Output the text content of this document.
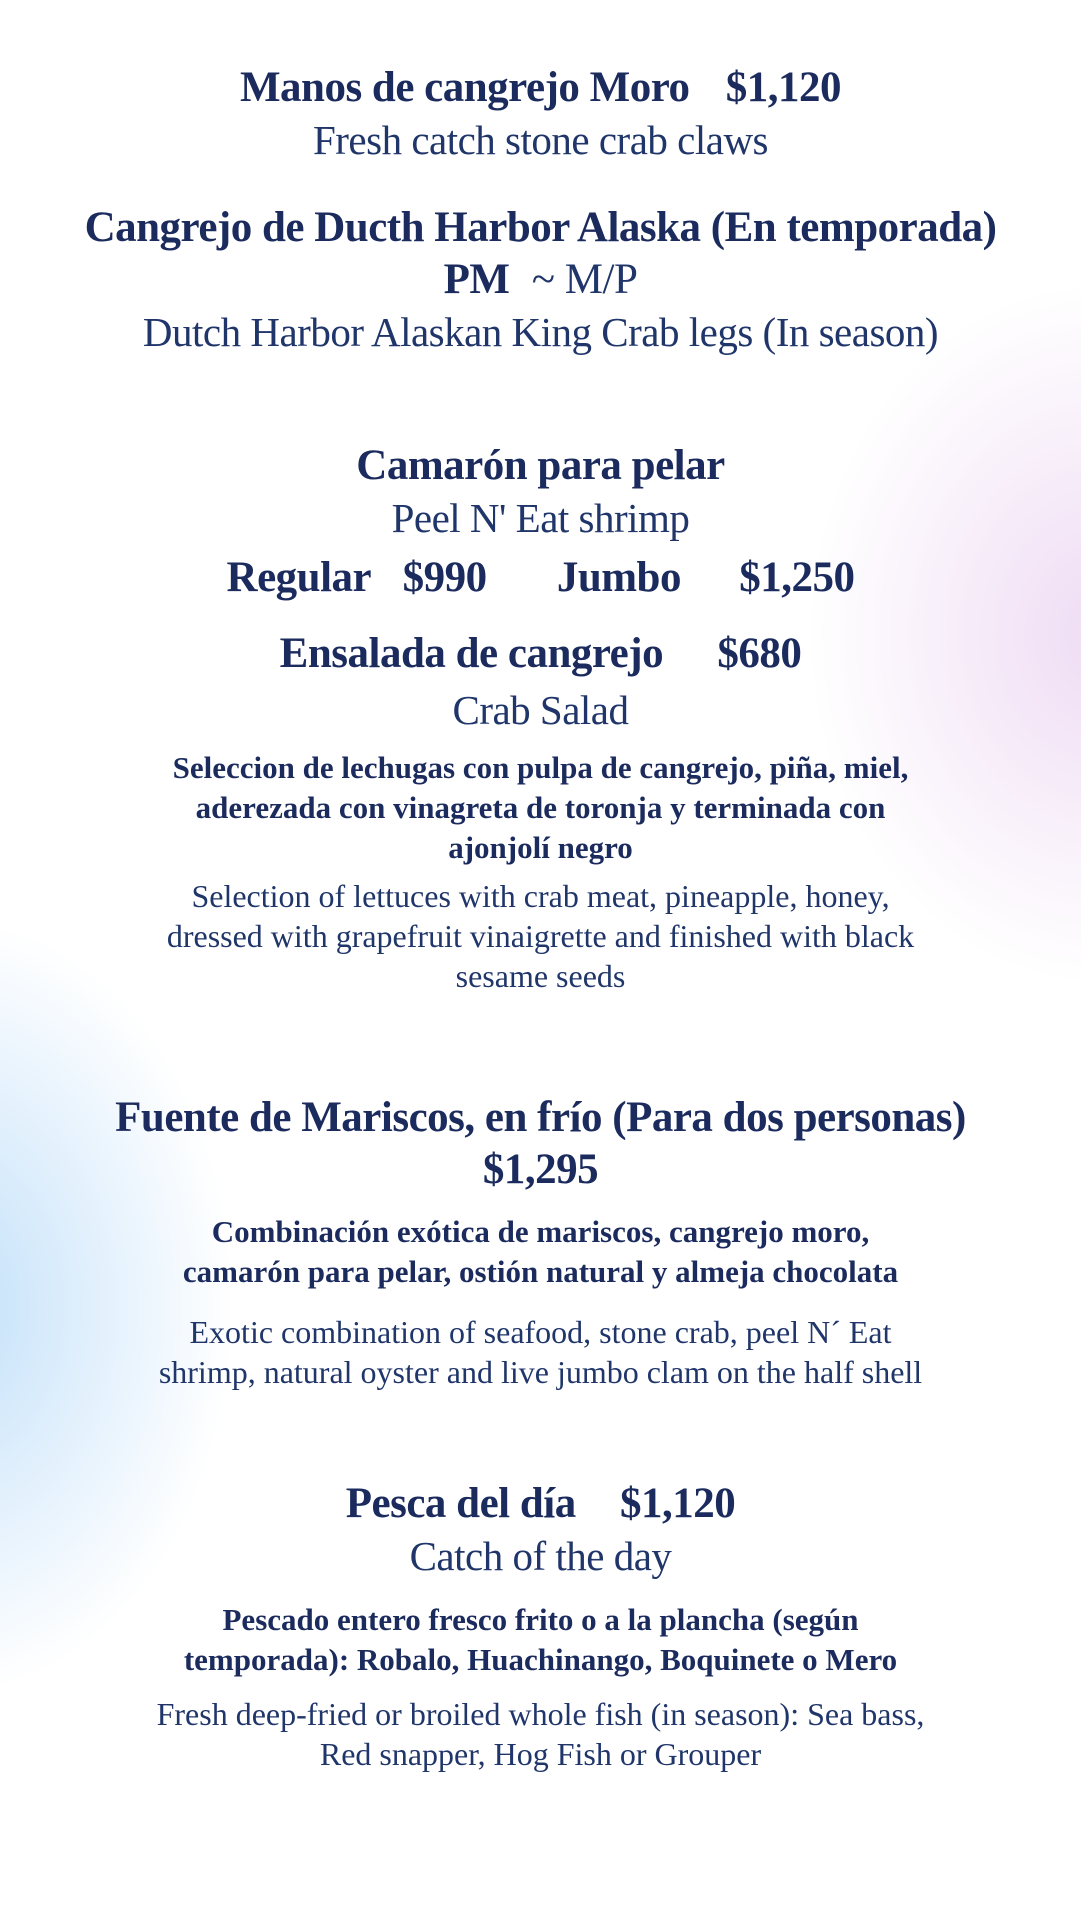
Manos de cangrejo Moro $1,120
Fresh catch stone crab claws
Cangrejo de Ducth Harbor Alaska (En temporada)
PM ~ M/P
Dutch Harbor Alaskan King Crab legs (In season)
Camarón para pelar
Peel N' Eat shrimp
Regular $990 Jumbo $1,250
Ensalada de cangrejo $680
Crab Salad
Seleccion de lechugas con pulpa de cangrejo, piña, miel,
aderezada con vinagreta de toronja y terminada con
ajonjolí negro
Selection of lettuces with crab meat, pineapple, honey,
dressed with grapefruit vinaigrette and finished with black
sesame seeds
Fuente de Mariscos, en frío (Para dos personas)
$1,295
Combinación exótica de mariscos, cangrejo moro,
camarón para pelar, ostión natural y almeja chocolata
Exotic combination of seafood, stone crab, peel N´ Eat
shrimp, natural oyster and live jumbo clam on the half shell
Pesca del día $1,120
Catch of the day
Pescado entero fresco frito o a la plancha (según
temporada): Robalo, Huachinango, Boquinete o Mero
Fresh deep-fried or broiled whole fish (in season): Sea bass,
Red snapper, Hog Fish or Grouper
